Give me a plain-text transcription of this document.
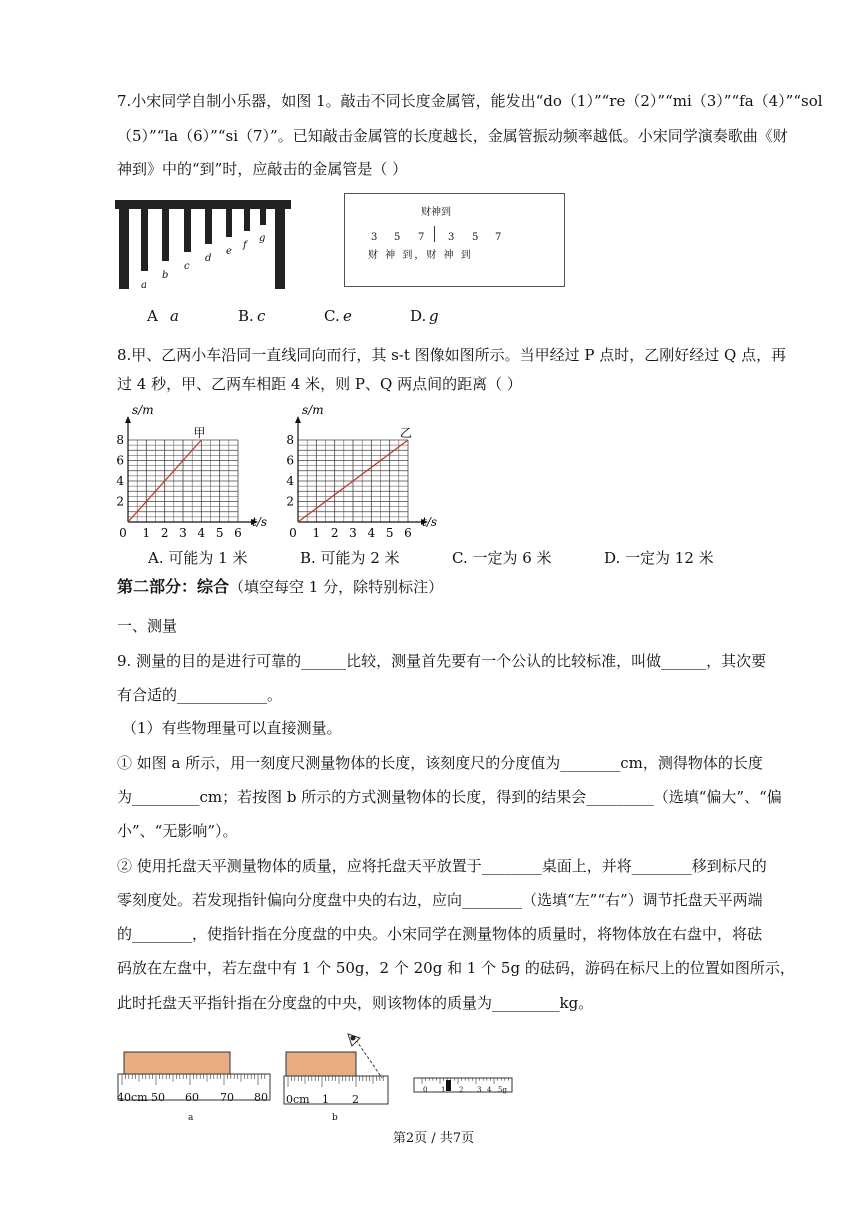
7.小宋同学自制小乐器，如图 1。敲击不同长度金属管，能发出“do（1）”“re（2）”“mi（3）”“fa（4）”“sol
（5）”“la（6）”“si（7）”。已知敲击金属管的长度越长，金属管振动频率越低。小宋同学演奏歌曲《财
神到》中的“到”时，应敲击的金属管是（ ）
a
b
c
d
e
f
g
财神到
3 5 7 3 5 7
财 神 到，财 神 到
A a	B. c	C. e	D. g
8.甲、乙两小车沿同一直线同向而行，其 s-t 图像如图所示。当甲经过 P 点时，乙刚好经过 Q 点，再
过 4 秒，甲、乙两车相距 4 米，则 P、Q 两点间的距离（ ）
0 1 2 3 4 5 6
2
4
6
8
s/m
t/s
甲
0 1 2 3 4 5 6
2
4
6
8
s/m
t/s
乙
A. 可能为 1 米	B. 可能为 2 米	C. 一定为 6 米	D. 一定为 12 米
第二部分：综合（填空每空 1 分，除特别标注）
一、测量
9. 测量的目的是进行可靠的______比较，测量首先要有一个公认的比较标准，叫做______，其次要
有合适的____________。
（1）有些物理量可以直接测量。
① 如图 a 所示，用一刻度尺测量物体的长度，该刻度尺的分度值为________cm，测得物体的长度
为_________cm；若按图 b 所示的方式测量物体的长度，得到的结果会_________（选填“偏大”、“偏
小”、“无影响”）。
② 使用托盘天平测量物体的质量，应将托盘天平放置于________桌面上，并将________移到标尺的
零刻度处。若发现指针偏向分度盘中央的右边，应向________（选填“左”“右”）调节托盘天平两端
的________，使指针指在分度盘的中央。小宋同学在测量物体的质量时，将物体放在右盘中，将砝
码放在左盘中，若左盘中有 1 个 50g，2 个 20g 和 1 个 5g 的砝码，游码在标尺上的位置如图所示，
此时托盘天平指针指在分度盘的中央，则该物体的质量为_________kg。
40cm 50 60 70 80
a
0cm 1 2
b
0 1 2 3 4 5g
第2页 / 共7页
